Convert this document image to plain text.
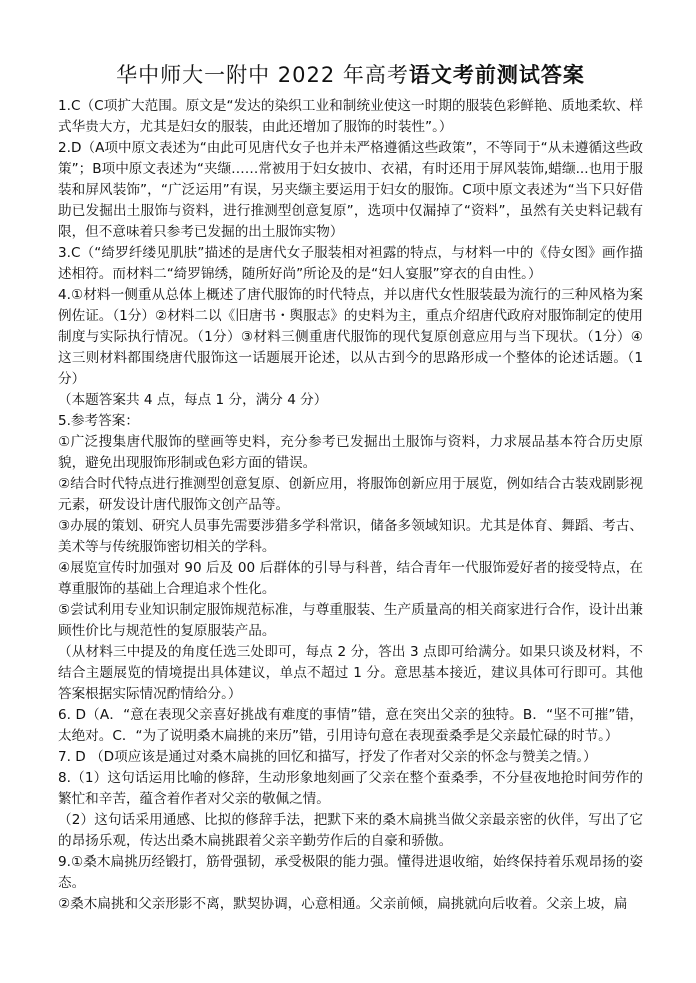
华中师大一附中 2022 年高考语文考前测试答案

1.C（C项扩大范围。原文是“发达的染织工业和制统业使这一时期的服装色彩鲜艳、质地柔软、样式华贵大方，尤其是妇女的服装，由此还增加了服饰的时装性”。）

2.D（A项中原文表述为“由此可见唐代女子也并未严格遵循这些政策”，不等同于“从未遵循这些政策”；B项中原文表述为“夹缬……常被用于妇女披巾、衣裙，有时还用于屏风装饰,蜡缬...也用于服装和屏风装饰”，“广泛运用”有误，另夹缬主要运用于妇女的服饰。C项中原文表述为“当下只好借助已发掘出土服饰与资料，进行推测型创意复原”，选项中仅漏掉了“资料”，虽然有关史料记载有限，但不意味着只参考已发掘的出土服饰实物）

3.C（“绮罗纤缕见肌肤”描述的是唐代女子服装相对袒露的特点，与材料一中的《侍女图》画作描述相符。而材料二“绮罗锦绣，随所好尚”所论及的是“妇人宴服”穿衣的自由性。）

4.①材料一侧重从总体上概述了唐代服饰的时代特点，并以唐代女性服装最为流行的三种风格为案例佐证。（1分）②材料二以《旧唐书・舆服志》的史料为主，重点介绍唐代政府对服饰制定的使用制度与实际执行情况。（1分）③材料三侧重唐代服饰的现代复原创意应用与当下现状。（1分）④这三则材料都围绕唐代服饰这一话题展开论述，以从古到今的思路形成一个整体的论述话题。（1分）

（本题答案共 4 点，每点 1 分，满分 4 分）

5.参考答案：

①广泛搜集唐代服饰的壁画等史料，充分参考已发掘出土服饰与资料，力求展品基本符合历史原貌，避免出现服饰形制或色彩方面的错误。

②结合时代特点进行推测型创意复原、创新应用，将服饰创新应用于展览，例如结合古装戏剧影视元素，研发设计唐代服饰文创产品等。

③办展的策划、研究人员事先需要涉猎多学科常识，储备多领域知识。尤其是体育、舞蹈、考古、美术等与传统服饰密切相关的学科。

④展览宣传时加强对 90 后及 00 后群体的引导与科普，结合青年一代服饰爱好者的接受特点，在尊重服饰的基础上合理追求个性化。

⑤尝试利用专业知识制定服饰规范标准，与尊重服装、生产质量高的相关商家进行合作，设计出兼顾性价比与规范性的复原服装产品。

（从材料三中提及的角度任选三处即可，每点 2 分，答出 3 点即可给满分。如果只谈及材料，不结合主题展览的情境提出具体建议，单点不超过 1 分。意思基本接近，建议具体可行即可。其他答案根据实际情况酌情给分。）

6. D（A．“意在表现父亲喜好挑战有难度的事情”错，意在突出父亲的独特。B．“坚不可摧”错，太绝对。C．“为了说明桑木扁挑的来历”错，引用诗句意在表现蚕桑季是父亲最忙碌的时节。）

7. D （D项应该是通过对桑木扁挑的回忆和描写，抒发了作者对父亲的怀念与赞美之情。）

8.（1）这句话运用比喻的修辞，生动形象地刻画了父亲在整个蚕桑季，不分昼夜地抢时间劳作的繁忙和辛苦，蕴含着作者对父亲的敬佩之情。

（2）这句话采用通感、比拟的修辞手法，把默下来的桑木扁挑当做父亲最亲密的伙伴，写出了它的昂扬乐观，传达出桑木扁挑跟着父亲辛勤劳作后的自豪和骄傲。

9.①桑木扁挑历经锻打，筋骨强韧，承受极限的能力强。懂得进退收缩，始终保持着乐观昂扬的姿态。

②桑木扁挑和父亲形影不离，默契协调，心意相通。父亲前倾，扁挑就向后收着。父亲上坡，扁
